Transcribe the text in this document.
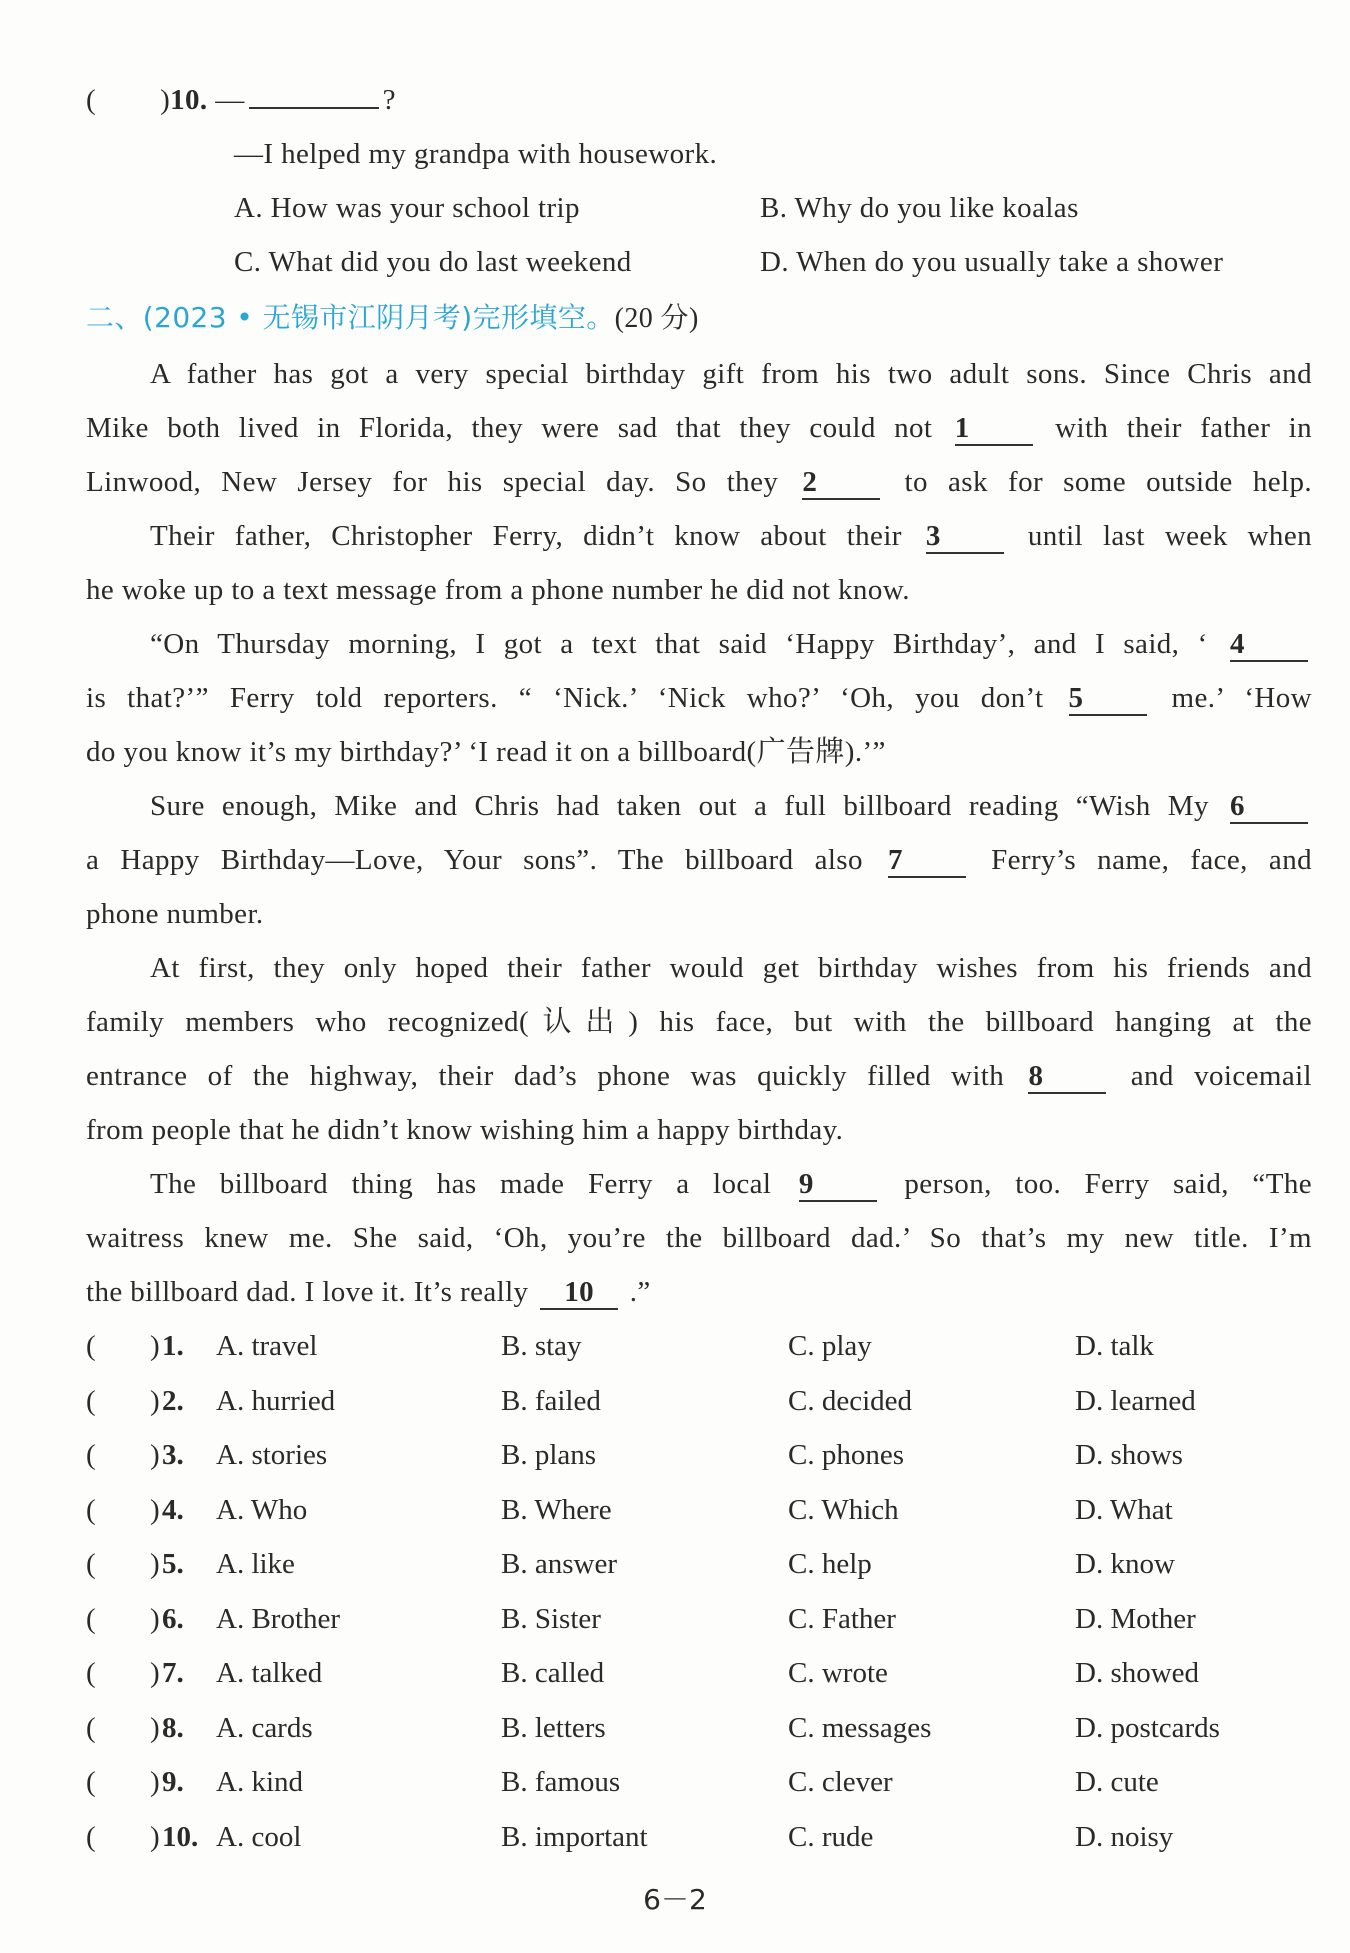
( )10. —	?
—I helped my grandpa with housework.
A. How was your school trip	B. Why do you like koalas
C. What did you do last weekend	D. When do you usually take a shower
二、(2023 • 无锡市江阴月考)完形填空。(20 分)
A father has got a very special birthday gift from his two adult sons. Since Chris and
Mike both lived in Florida, they were sad that they could not 1	with their father in
Linwood, New Jersey for his special day. So they 2	to ask for some outside help.
Their father, Christopher Ferry, didn’t know about their 3	until last week when
he woke up to a text message from a phone number he did not know.
“On Thursday morning, I got a text that said ‘Happy Birthday’, and I said, ‘ 4
is that?’” Ferry told reporters. “ ‘Nick.’ ‘Nick who?’ ‘Oh, you don’t 5	me.’ ‘How
do you know it’s my birthday?’ ‘I read it on a billboard(广告牌).’”
Sure enough, Mike and Chris had taken out a full billboard reading “Wish My 6
a Happy Birthday—Love, Your sons”. The billboard also 7	Ferry’s name, face, and
phone number.
At first, they only hoped their father would get birthday wishes from his friends and
family members who recognized(认出) his face, but with the billboard hanging at the
entrance of the highway, their dad’s phone was quickly filled with 8	and voicemail
from people that he didn’t know wishing him a happy birthday.
The billboard thing has made Ferry a local 9	person, too. Ferry said, “The
waitress knew me. She said, ‘Oh, you’re the billboard dad.’ So that’s my new title. I’m
the billboard dad. I love it. It’s really 10 .”
)
( 1. A. travel	B. stay	C. play	D. talk
)
( 2. A. hurried	B. failed	C. decided	D. learned
)
( 3. A. stories	B. plans	C. phones	D. shows
)
( 4. A. Who	B. Where	C. Which	D. What
)
( 5. A. like	B. answer	C. help	D. know
)
( 6. A. Brother	B. Sister	C. Father	D. Mother
)
( 7. A. talked	B. called	C. wrote	D. showed
)
( 8. A. cards	B. letters	C. messages	D. postcards
)
( 9. A. kind	B. famous	C. clever	D. cute
)
( 10. A. cool	B. important	C. rude	D. noisy
6－2
